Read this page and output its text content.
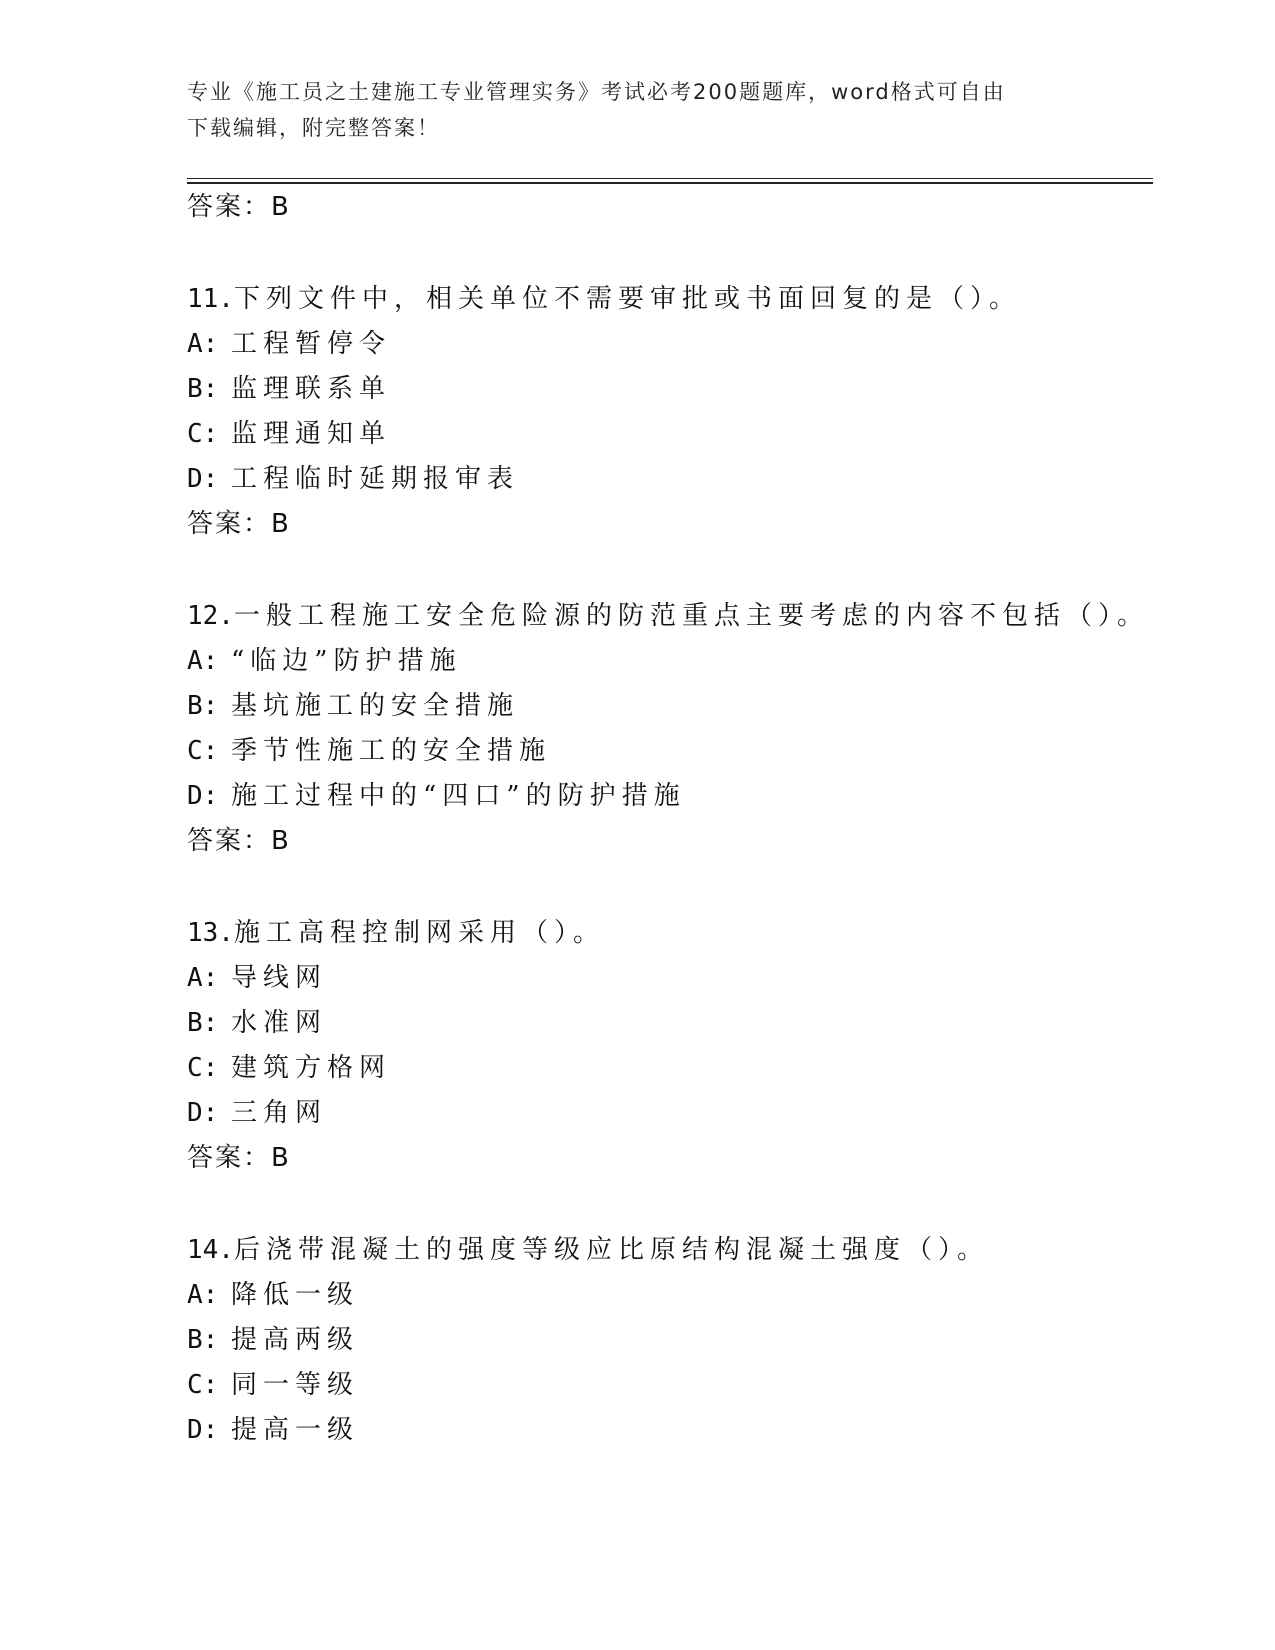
专业《施工员之土建施工专业管理实务》考试必考200题题库，word格式可自由
下载编辑，附完整答案！
答案：B
11.下列文件中，相关单位不需要审批或书面回复的是（）。
A: 工程暂停令
B: 监理联系单
C: 监理通知单
D: 工程临时延期报审表
答案：B
12.一般工程施工安全危险源的防范重点主要考虑的内容不包括（）。
A: “临边”防护措施
B: 基坑施工的安全措施
C: 季节性施工的安全措施
D: 施工过程中的“四口”的防护措施
答案：B
13.施工高程控制网采用（）。
A: 导线网
B: 水准网
C: 建筑方格网
D: 三角网
答案：B
14.后浇带混凝土的强度等级应比原结构混凝土强度（）。
A: 降低一级
B: 提高两级
C: 同一等级
D: 提高一级
